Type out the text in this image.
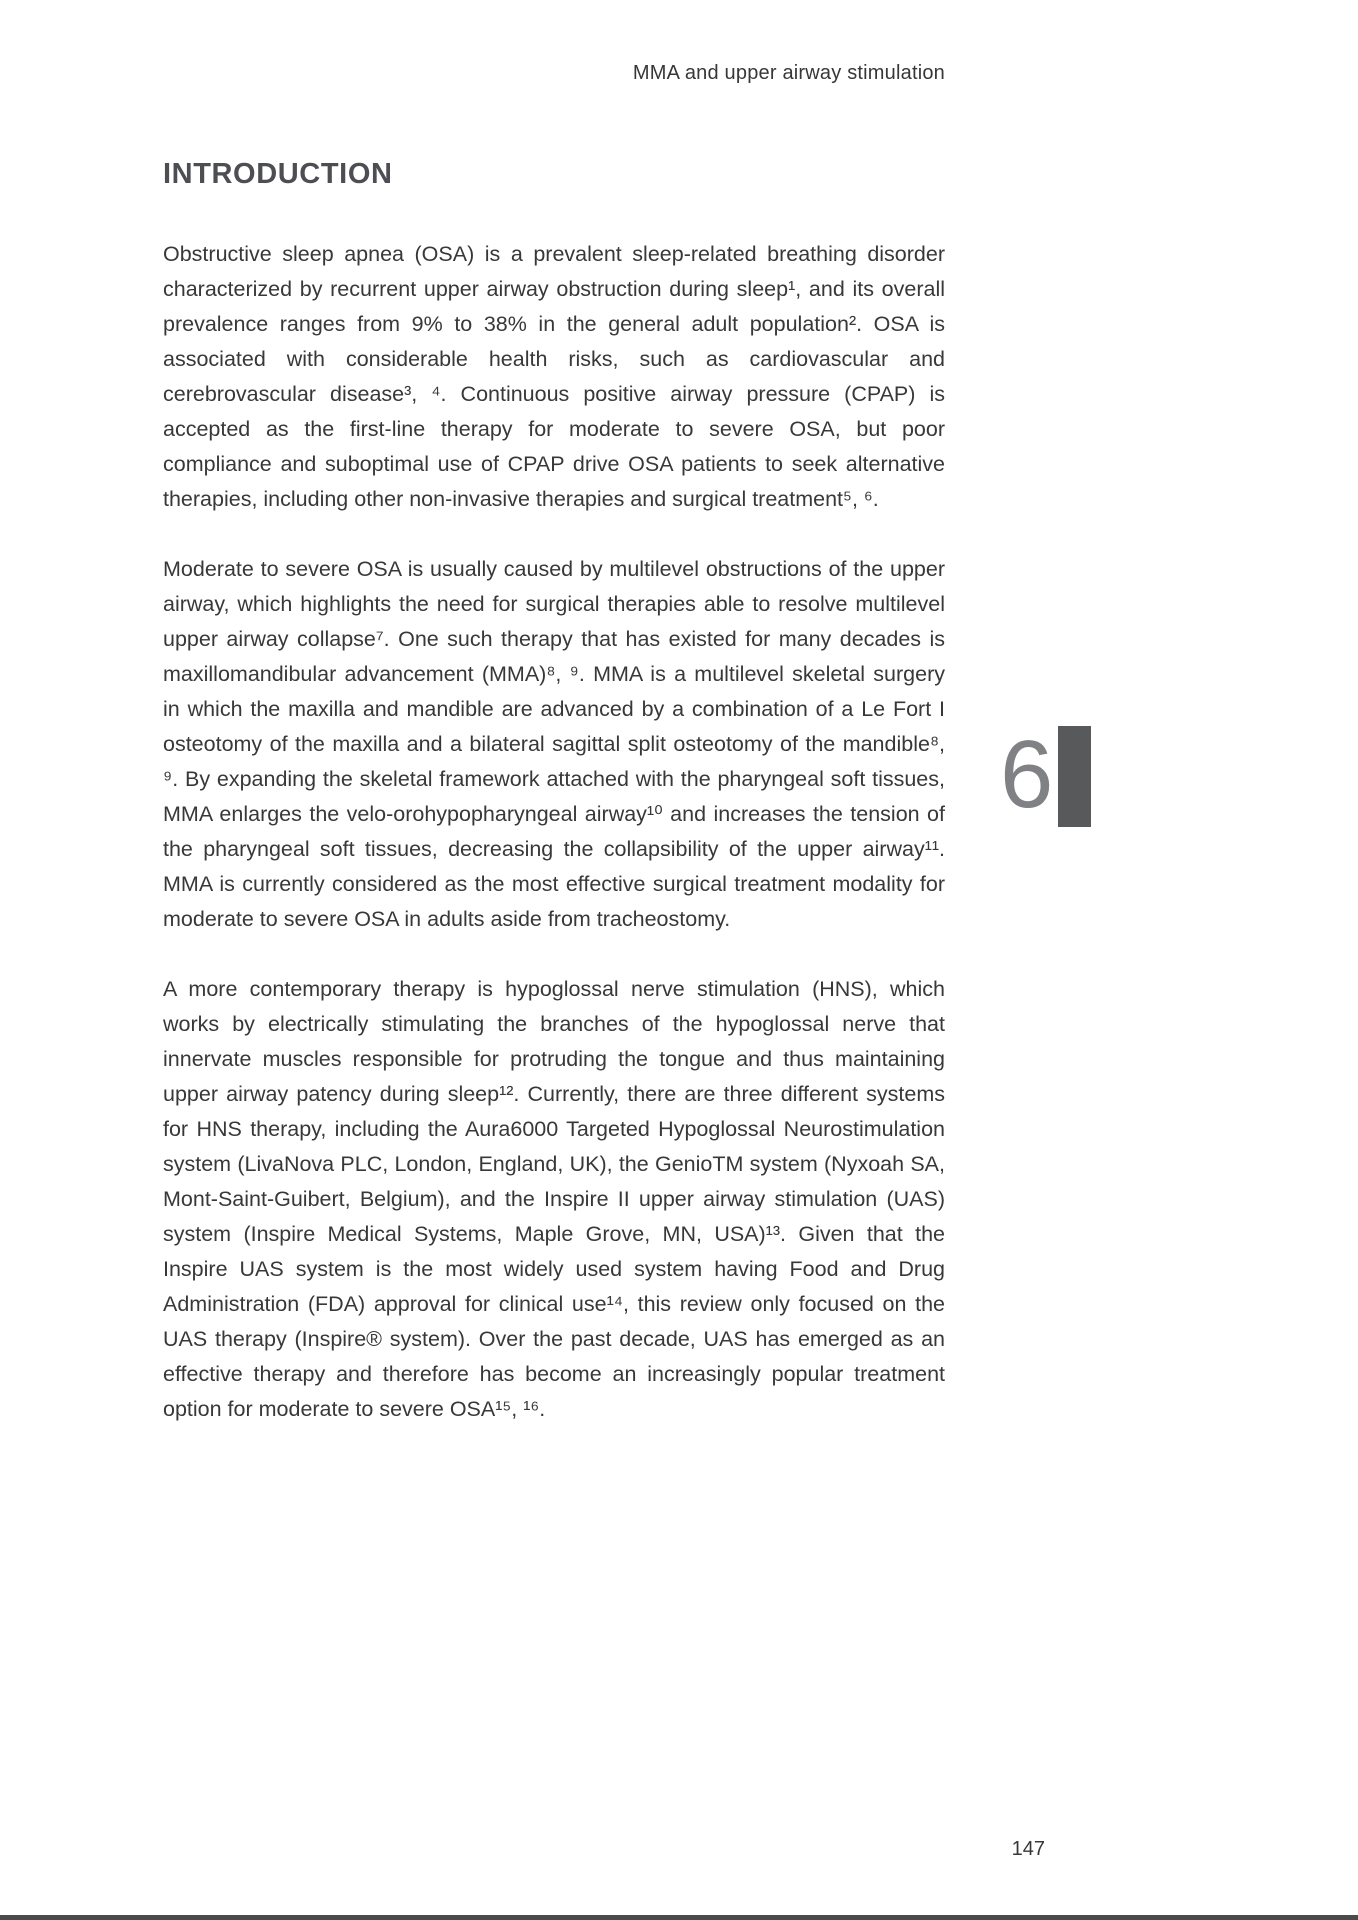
MMA and upper airway stimulation
INTRODUCTION

Obstructive sleep apnea (OSA) is a prevalent sleep-related breathing disorder characterized by recurrent upper airway obstruction during sleep¹, and its overall prevalence ranges from 9% to 38% in the general adult population². OSA is associated with considerable health risks, such as cardiovascular and cerebrovascular disease³, ⁴. Continuous positive airway pressure (CPAP) is accepted as the first-line therapy for moderate to severe OSA, but poor compliance and suboptimal use of CPAP drive OSA patients to seek alternative therapies, including other non-invasive therapies and surgical treatment⁵, ⁶.

Moderate to severe OSA is usually caused by multilevel obstructions of the upper airway, which highlights the need for surgical therapies able to resolve multilevel upper airway collapse⁷. One such therapy that has existed for many decades is maxillomandibular advancement (MMA)⁸, ⁹. MMA is a multilevel skeletal surgery in which the maxilla and mandible are advanced by a combination of a Le Fort I osteotomy of the maxilla and a bilateral sagittal split osteotomy of the mandible⁸, ⁹. By expanding the skeletal framework attached with the pharyngeal soft tissues, MMA enlarges the velo-orohypopharyngeal airway¹⁰ and increases the tension of the pharyngeal soft tissues, decreasing the collapsibility of the upper airway¹¹. MMA is currently considered as the most effective surgical treatment modality for moderate to severe OSA in adults aside from tracheostomy.

A more contemporary therapy is hypoglossal nerve stimulation (HNS), which works by electrically stimulating the branches of the hypoglossal nerve that innervate muscles responsible for protruding the tongue and thus maintaining upper airway patency during sleep¹². Currently, there are three different systems for HNS therapy, including the Aura6000 Targeted Hypoglossal Neurostimulation system (LivaNova PLC, London, England, UK), the GenioTM system (Nyxoah SA, Mont-Saint-Guibert, Belgium), and the Inspire II upper airway stimulation (UAS) system (Inspire Medical Systems, Maple Grove, MN, USA)¹³. Given that the Inspire UAS system is the most widely used system having Food and Drug Administration (FDA) approval for clinical use¹⁴, this review only focused on the UAS therapy (Inspire® system). Over the past decade, UAS has emerged as an effective therapy and therefore has become an increasingly popular treatment option for moderate to severe OSA¹⁵, ¹⁶.

6
147
